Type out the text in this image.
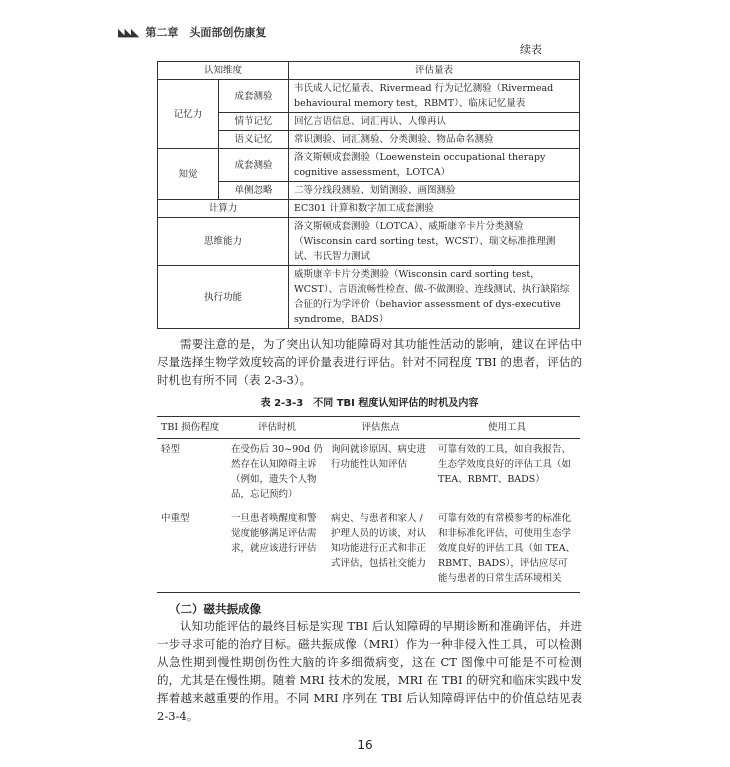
◣◣◣ 第二章　头面部创伤康复
续表
认知维度		评估量表
记忆力	成套测验	韦氏成人记忆量表、Rivermead 行为记忆测验（Rivermead behavioural memory test，RBMT）、临床记忆量表
	情节记忆	回忆言语信息、词汇再认、人像再认
	语义记忆	常识测验、词汇测验、分类测验、物品命名测验
知觉	成套测验	洛文斯顿成套测验（Loewenstein occupational therapy cognitive assessment，LOTCA）
	单侧忽略	二等分线段测验、划销测验、画图测验
计算力		EC301 计算和数字加工成套测验
思维能力		洛文斯顿成套测验（LOTCA）、威斯康辛卡片分类测验（Wisconsin card sorting test，WCST）、瑞文标准推理测试、韦氏智力测试
执行功能		威斯康辛卡片分类测验（Wisconsin card sorting test，WCST）、言语流畅性检查、做-不做测验、连线测试、执行缺陷综合征的行为学评价（behavior assessment of dys-executive syndrome，BADS）
需要注意的是，为了突出认知功能障碍对其功能性活动的影响，建议在评估中尽量选择生物学效度较高的评价量表进行评估。针对不同程度 TBI 的患者，评估的时机也有所不同（表 2-3-3）。
表 2-3-3　不同 TBI 程度认知评估的时机及内容
TBI 损伤程度	评估时机	评估焦点	使用工具
轻型	在受伤后 30~90d 仍然存在认知障碍主诉（例如，遗失个人物品，忘记预约）	询问就诊原因、病史进行功能性认知评估	可靠有效的工具，如自我报告、生态学效度良好的评估工具（如 TEA、RBMT、BADS）
中重型	一旦患者唤醒度和警觉度能够满足评估需求，就应该进行评估	病史、与患者和家人 / 护理人员的访谈，对认知功能进行正式和非正式评估，包括社交能力	可靠有效的有常模参考的标准化和非标准化评估，可使用生态学效度良好的评估工具（如 TEA、RBMT、BADS），评估应尽可能与患者的日常生活环境相关
（二）磁共振成像
认知功能评估的最终目标是实现 TBI 后认知障碍的早期诊断和准确评估，并进一步寻求可能的治疗目标。磁共振成像（MRI）作为一种非侵入性工具，可以检测从急性期到慢性期创伤性大脑的许多细微病变，这在 CT 图像中可能是不可检测的，尤其是在慢性期。随着 MRI 技术的发展，MRI 在 TBI 的研究和临床实践中发挥着越来越重要的作用。不同 MRI 序列在 TBI 后认知障碍评估中的价值总结见表 2-3-4。
16
